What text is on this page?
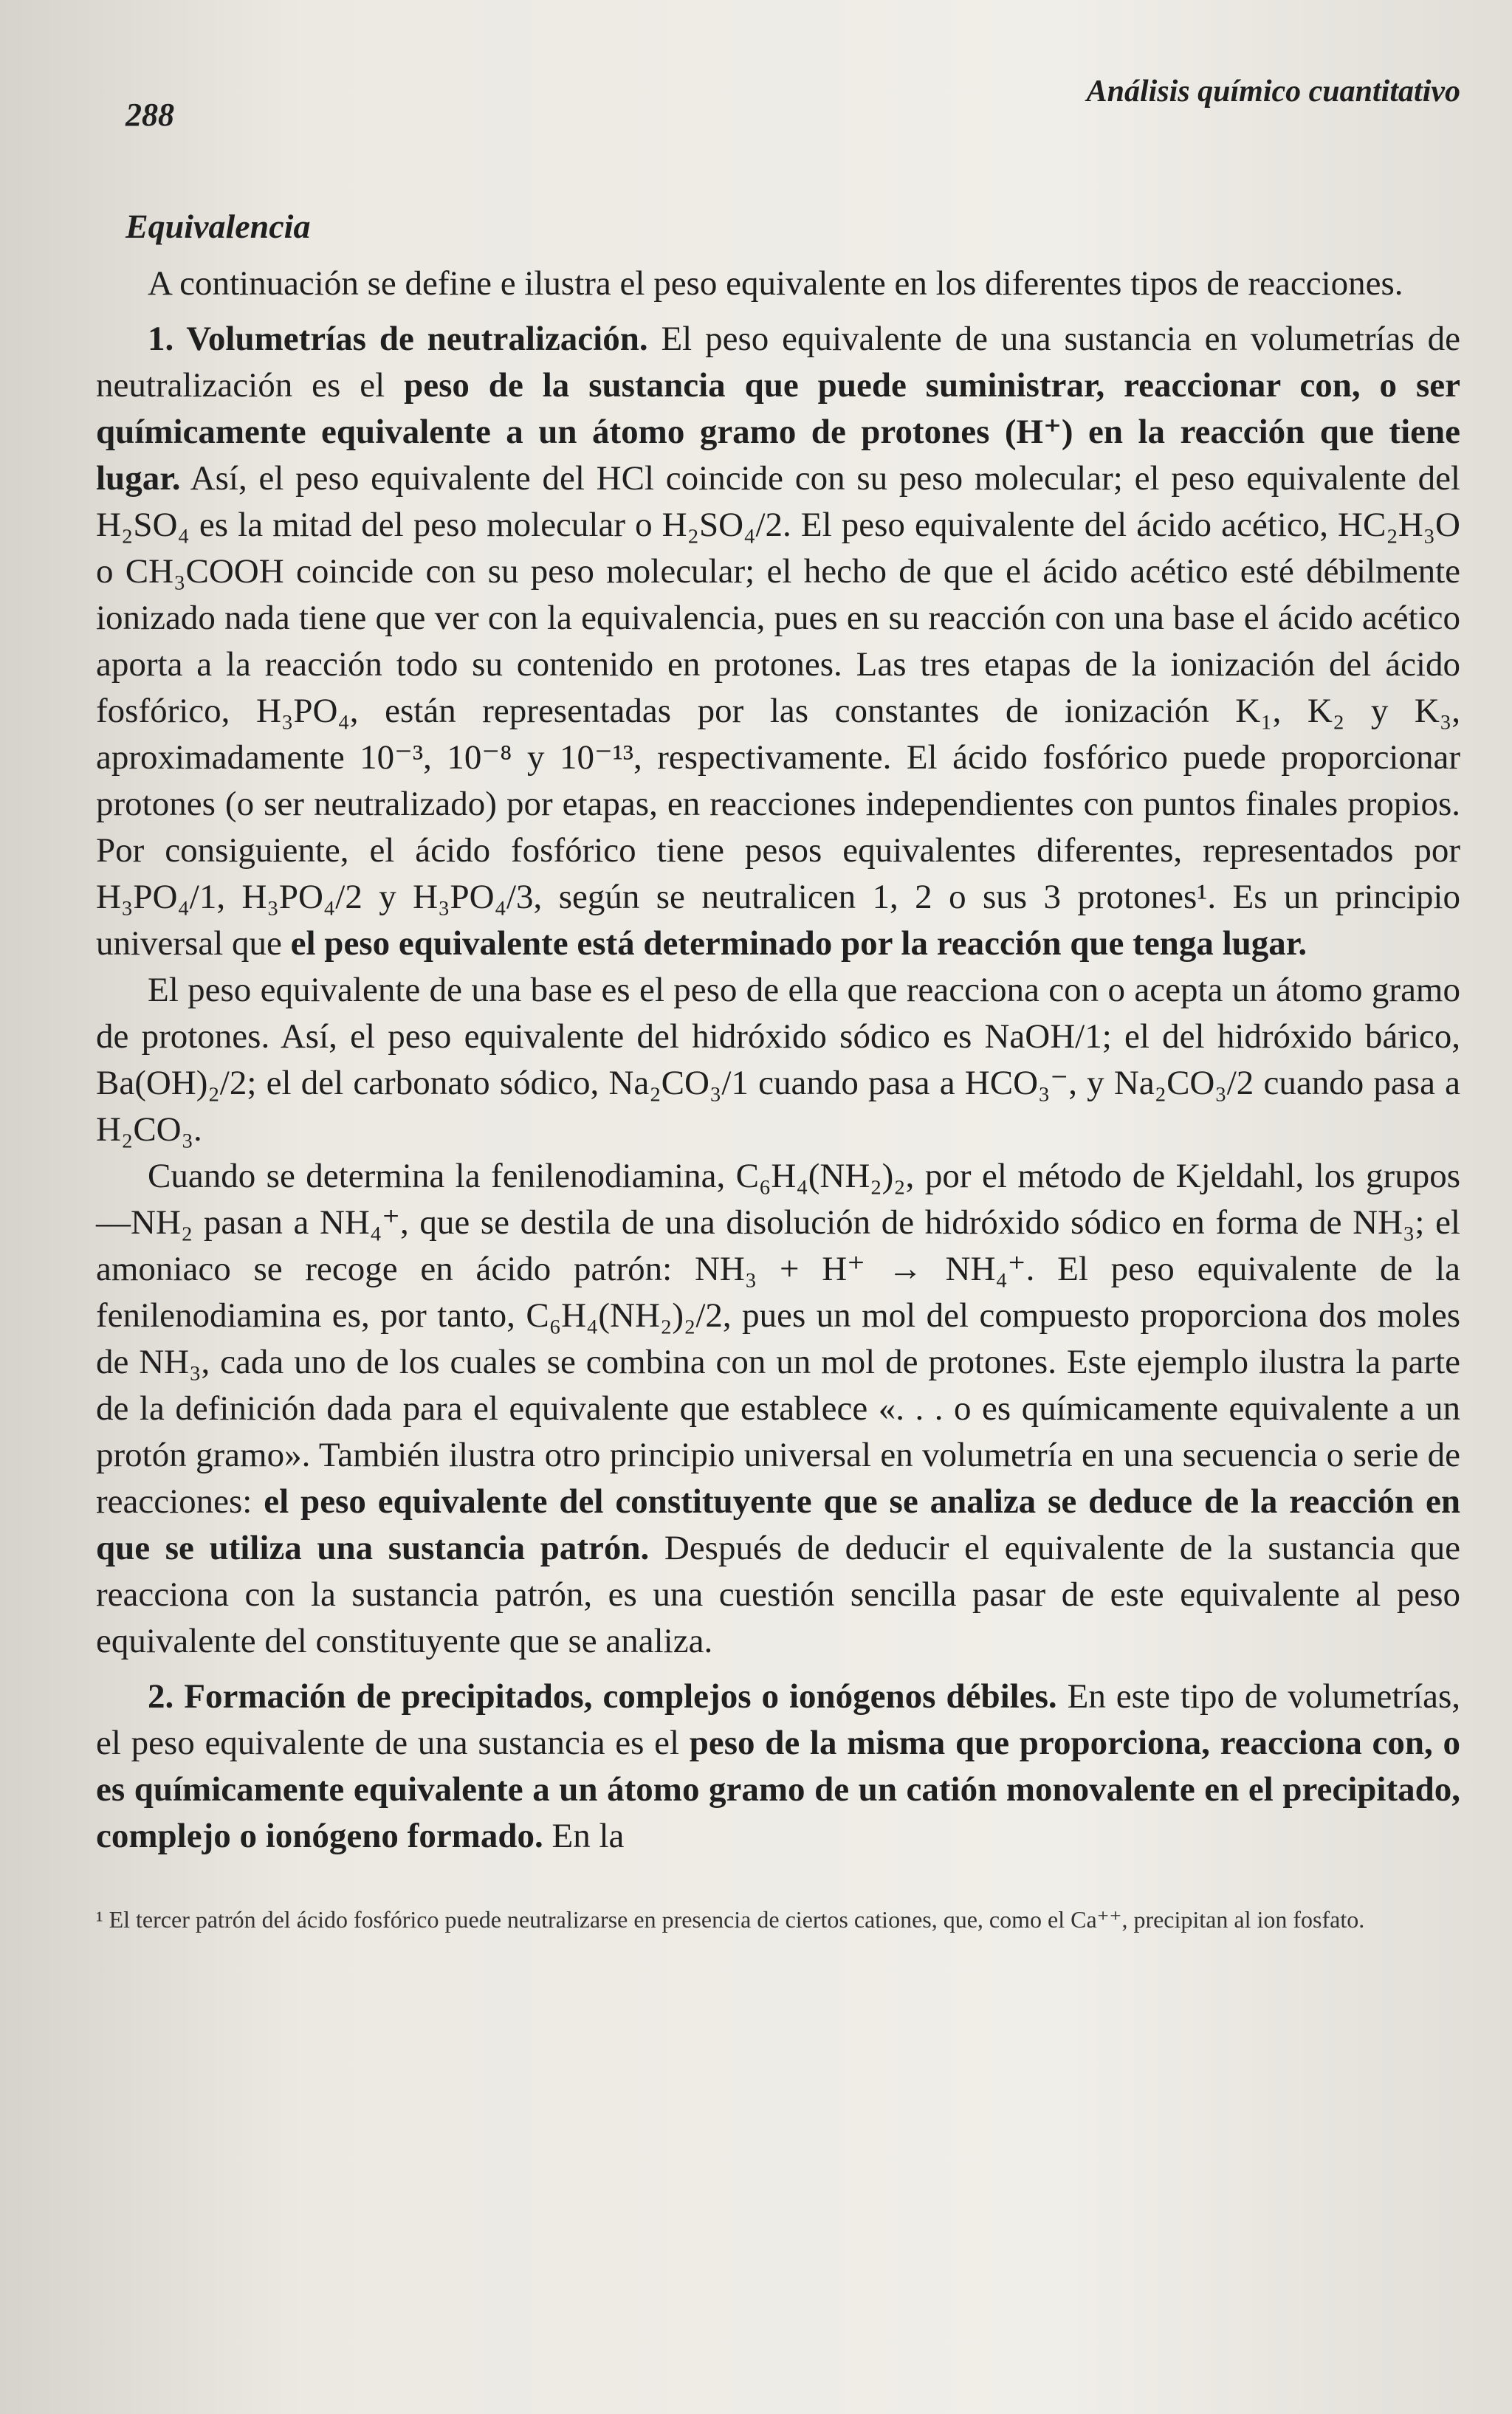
288
Análisis químico cuantitativo
Equivalencia

A continuación se define e ilustra el peso equivalente en los diferentes tipos de reacciones.

1. Volumetrías de neutralización. El peso equivalente de una sustancia en volumetrías de neutralización es el peso de la sustancia que puede suministrar, reaccionar con, o ser químicamente equivalente a un átomo gramo de protones (H⁺) en la reacción que tiene lugar. Así, el peso equivalente del HCl coincide con su peso molecular; el peso equivalente del H₂SO₄ es la mitad del peso molecular o H₂SO₄/2. El peso equivalente del ácido acético, HC₂H₃O o CH₃COOH coincide con su peso molecular; el hecho de que el ácido acético esté débilmente ionizado nada tiene que ver con la equivalencia, pues en su reacción con una base el ácido acético aporta a la reacción todo su contenido en protones. Las tres etapas de la ionización del ácido fosfórico, H₃PO₄, están representadas por las constantes de ionización K₁, K₂ y K₃, aproximadamente 10⁻³, 10⁻⁸ y 10⁻¹³, respectivamente. El ácido fosfórico puede proporcionar protones (o ser neutralizado) por etapas, en reacciones independientes con puntos finales propios. Por consiguiente, el ácido fosfórico tiene pesos equivalentes diferentes, representados por H₃PO₄/1, H₃PO₄/2 y H₃PO₄/3, según se neutralicen 1, 2 o sus 3 protones¹. Es un principio universal que el peso equivalente está determinado por la reacción que tenga lugar.

El peso equivalente de una base es el peso de ella que reacciona con o acepta un átomo gramo de protones. Así, el peso equivalente del hidróxido sódico es NaOH/1; el del hidróxido bárico, Ba(OH)₂/2; el del carbonato sódico, Na₂CO₃/1 cuando pasa a HCO₃⁻, y Na₂CO₃/2 cuando pasa a H₂CO₃.

Cuando se determina la fenilenodiamina, C₆H₄(NH₂)₂, por el método de Kjeldahl, los grupos —NH₂ pasan a NH₄⁺, que se destila de una disolución de hidróxido sódico en forma de NH₃; el amoniaco se recoge en ácido patrón: NH₃ + H⁺ → NH₄⁺. El peso equivalente de la fenilenodiamina es, por tanto, C₆H₄(NH₂)₂/2, pues un mol del compuesto proporciona dos moles de NH₃, cada uno de los cuales se combina con un mol de protones. Este ejemplo ilustra la parte de la definición dada para el equivalente que establece «. . . o es químicamente equivalente a un protón gramo». También ilustra otro principio universal en volumetría en una secuencia o serie de reacciones: el peso equivalente del constituyente que se analiza se deduce de la reacción en que se utiliza una sustancia patrón. Después de deducir el equivalente de la sustancia que reacciona con la sustancia patrón, es una cuestión sencilla pasar de este equivalente al peso equivalente del constituyente que se analiza.

2. Formación de precipitados, complejos o ionógenos débiles. En este tipo de volumetrías, el peso equivalente de una sustancia es el peso de la misma que proporciona, reacciona con, o es químicamente equivalente a un átomo gramo de un catión monovalente en el precipitado, complejo o ionógeno formado. En la

¹ El tercer patrón del ácido fosfórico puede neutralizarse en presencia de ciertos cationes, que, como el Ca⁺⁺, precipitan al ion fosfato.
